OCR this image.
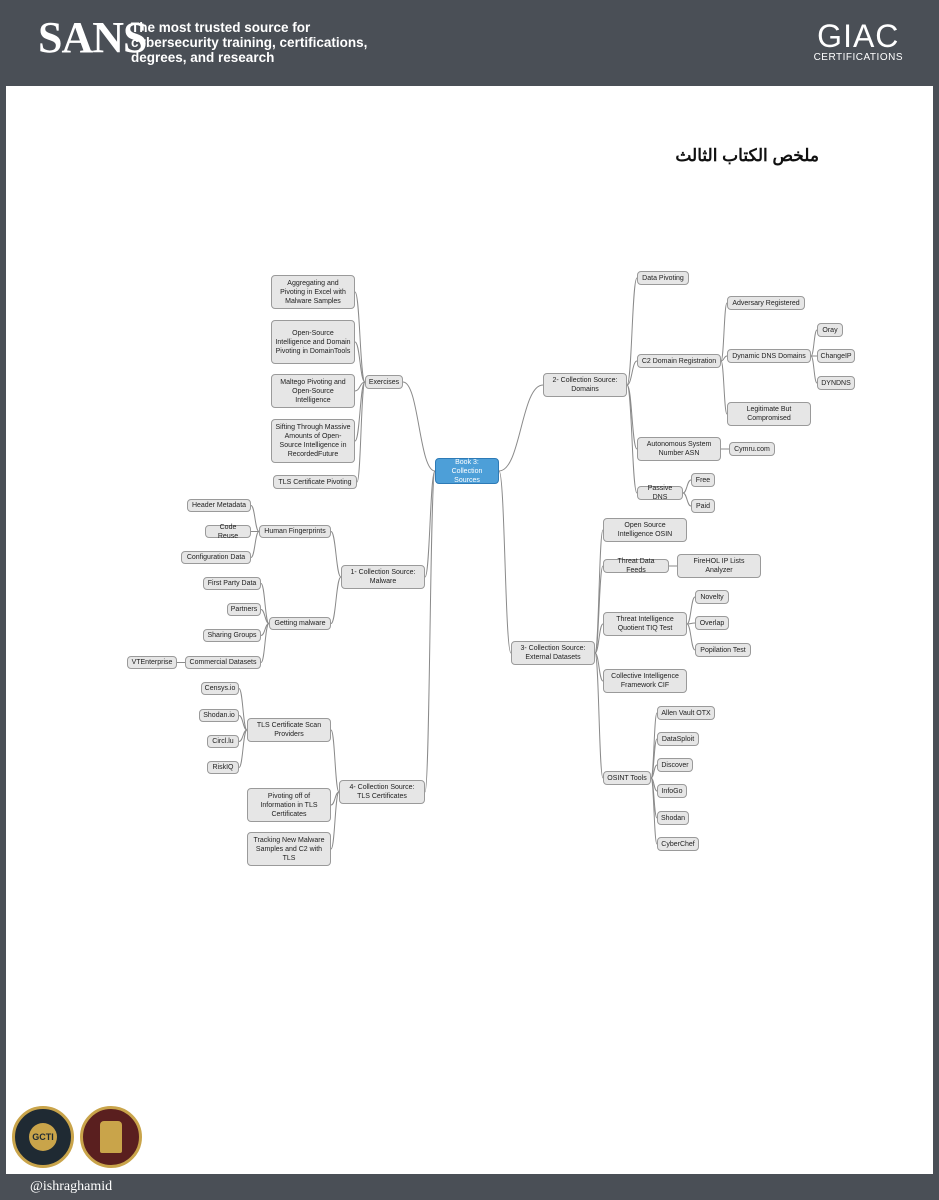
SANS
The most trusted source for cybersecurity training, certifications, degrees, and research
GIAC
CERTIFICATIONS
ملخص الكتاب الثالث
Book 3: Collection Sources
Aggregating and Pivoting in Excel with Malware Samples
Open-Source Intelligence and Domain Pivoting in DomainTools
Maltego Pivoting and Open-Source Intelligence
Sifting Through Massive Amounts of Open-Source Intelligence in RecordedFuture
TLS Certificate Pivoting
Exercises
Header Metadata
Code Reuse
Configuration Data
Human Fingerprints
First Party Data
Partners
Sharing Groups
VTEnterprise	Commercial Datasets
Getting malware
1- Collection Source: Malware
Censys.io
Shodan.io
Circl.lu
RiskIQ
TLS Certificate Scan Providers
Pivoting off of Information in TLS Certificates
Tracking New Malware Samples and C2 with TLS
4- Collection Source: TLS Certificates
Data Pivoting
Adversary Registered
Oray
ChangeIP
DYNDNS
Dynamic DNS Domains
Legitimate But Compromised
C2 Domain Registration
Autonomous System Number ASN
Cymru.com
Free
Paid
Passive DNS
2- Collection Source: Domains
Open Source Intelligence OSIN
Threat Data Feeds
FireHOL IP Lists Analyzer
Novelty
Overlap
Popilation Test
Threat Intelligence Quotient TIQ Test
Collective Intelligence Framework CIF
Allen Vault OTX
DataSploit
Discover
InfoGo
Shodan
CyberChef
OSINT Tools
3- Collection Source: External Datasets
GCTI
@ishraghamid
